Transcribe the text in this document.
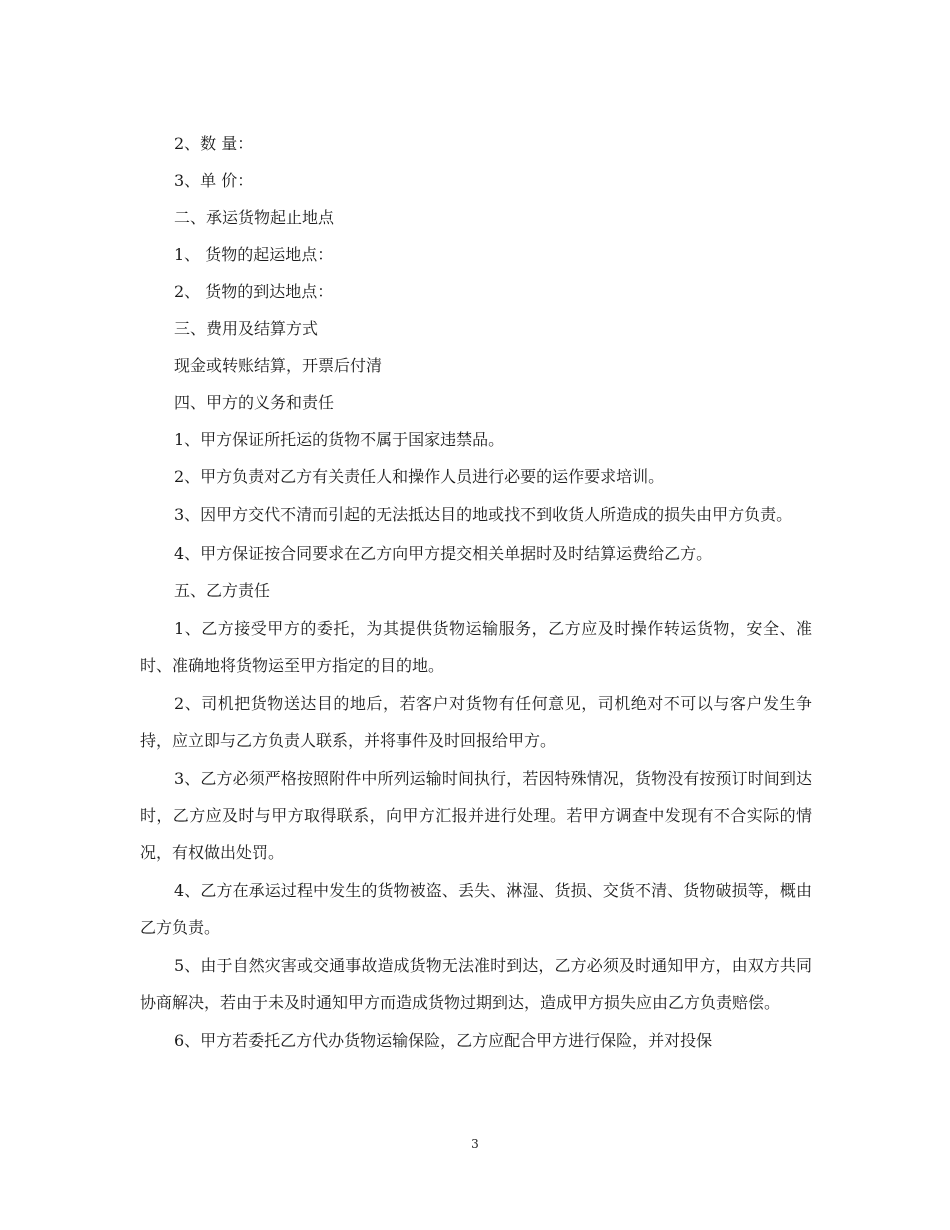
2、数 量：
3、单 价：
二、承运货物起止地点
1、 货物的起运地点：
2、 货物的到达地点：
三、费用及结算方式
现金或转账结算，开票后付清
四、甲方的义务和责任
1、甲方保证所托运的货物不属于国家违禁品。
2、甲方负责对乙方有关责任人和操作人员进行必要的运作要求培训。

3、因甲方交代不清而引起的无法抵达目的地或找不到收货人所造成的损失由甲方负责。

4、甲方保证按合同要求在乙方向甲方提交相关单据时及时结算运费给乙方。
五、乙方责任

1、乙方接受甲方的委托，为其提供货物运输服务，乙方应及时操作转运货物，安全、准时、准确地将货物运至甲方指定的目的地。

2、司机把货物送达目的地后，若客户对货物有任何意见，司机绝对不可以与客户发生争持，应立即与乙方负责人联系，并将事件及时回报给甲方。

3、乙方必须严格按照附件中所列运输时间执行，若因特殊情况，货物没有按预订时间到达时，乙方应及时与甲方取得联系，向甲方汇报并进行处理。若甲方调查中发现有不合实际的情况，有权做出处罚。

4、乙方在承运过程中发生的货物被盗、丢失、淋湿、货损、交货不清、货物破损等，概由乙方负责。

5、由于自然灾害或交通事故造成货物无法准时到达，乙方必须及时通知甲方，由双方共同协商解决，若由于未及时通知甲方而造成货物过期到达，造成甲方损失应由乙方负责赔偿。

6、甲方若委托乙方代办货物运输保险，乙方应配合甲方进行保险，并对投保

3
